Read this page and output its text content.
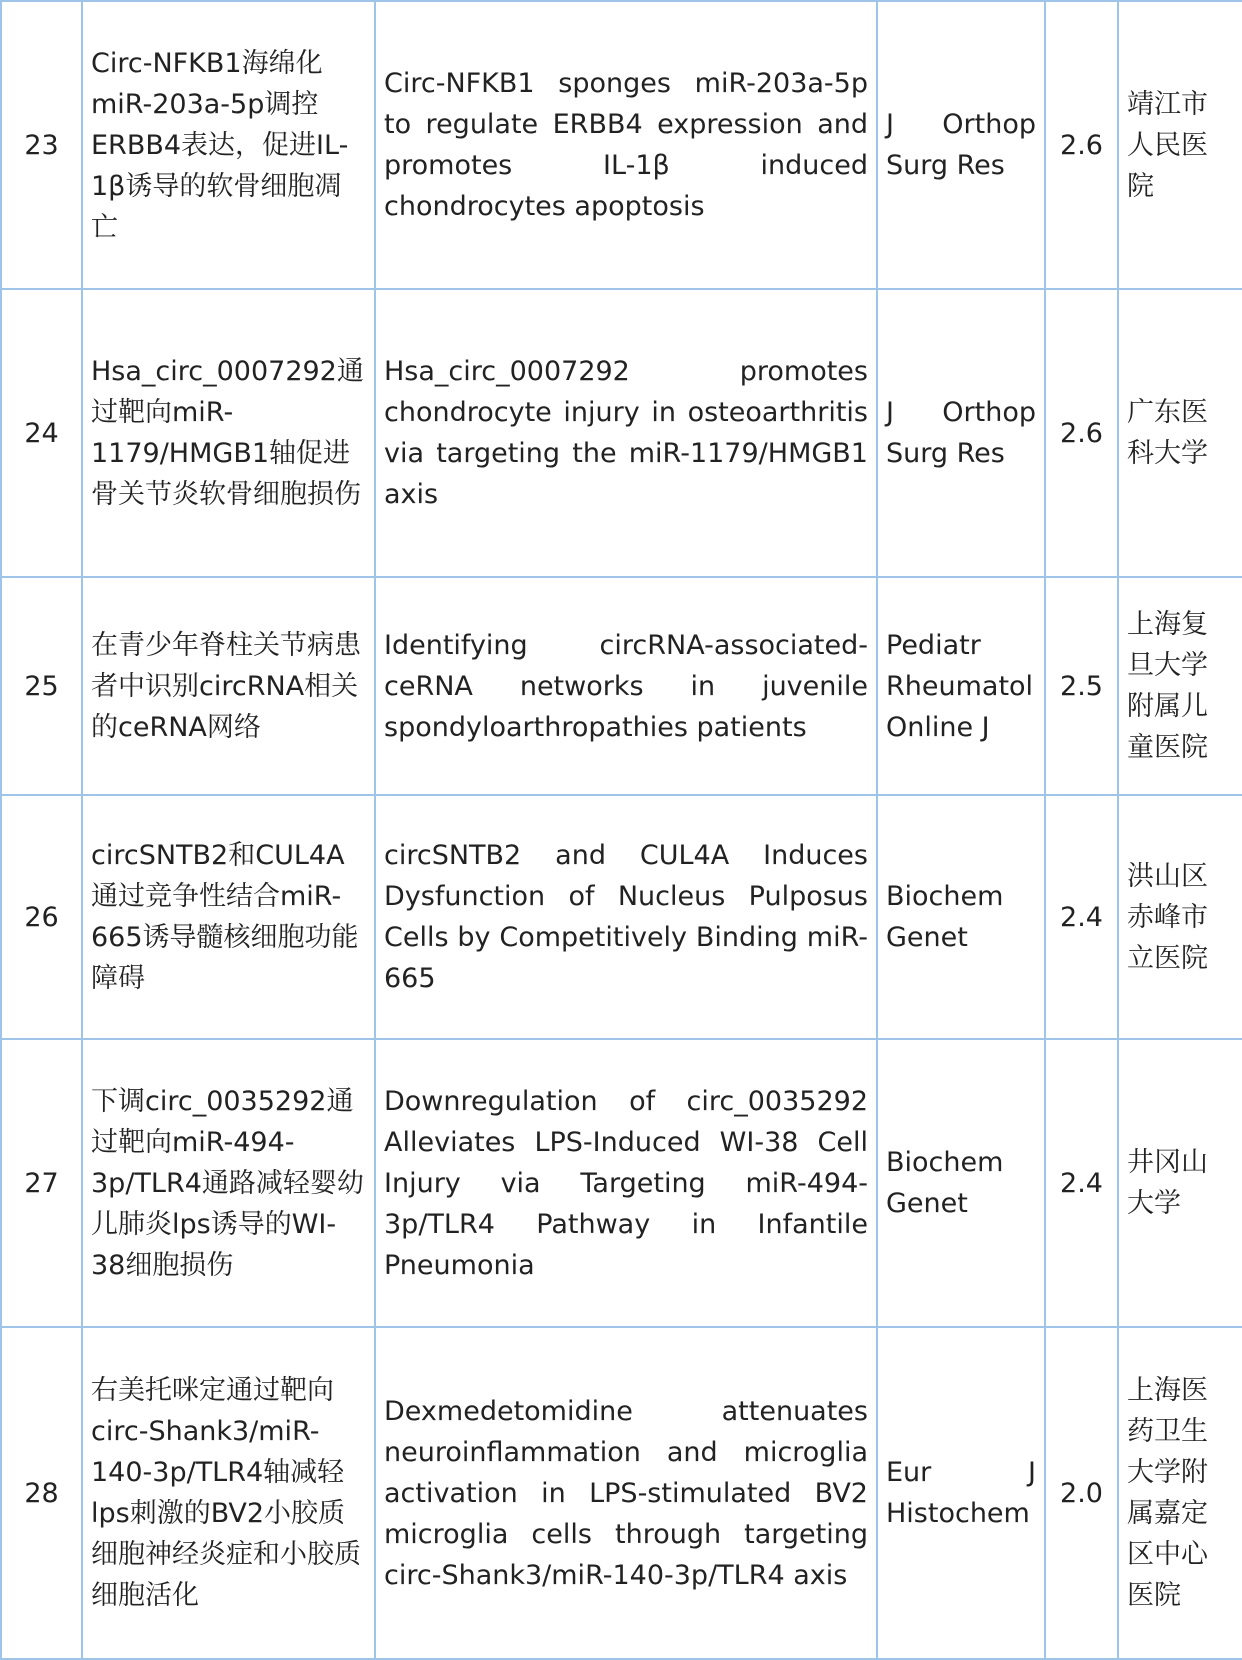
23	Circ-NFKB1海绵化miR-203a-5p调控ERBB4表达，促进IL-1β诱导的软骨细胞凋亡	Circ-NFKB1 sponges miR-203a-5p to regulate ERBB4 expression and promotes IL-1β induced chondrocytes apoptosis	J Orthop Surg Res	2.6	靖江市人民医院
24	Hsa_circ_0007292通过靶向miR-1179/HMGB1轴促进骨关节炎软骨细胞损伤	Hsa_circ_0007292 promotes chondrocyte injury in osteoarthritis via targeting the miR-1179/HMGB1 axis	J Orthop Surg Res	2.6	广东医科大学
25	在青少年脊柱关节病患者中识别circRNA相关的ceRNA网络	Identifying circRNA-associated-ceRNA networks in juvenile spondyloarthropathies patients	Pediatr Rheumatol Online J	2.5	上海复旦大学附属儿童医院
26	circSNTB2和CUL4A通过竞争性结合miR-665诱导髓核细胞功能障碍	circSNTB2 and CUL4A Induces Dysfunction of Nucleus Pulposus Cells by Competitively Binding miR-665	Biochem Genet	2.4	洪山区赤峰市立医院
27	下调circ_0035292通过靶向miR-494-3p/TLR4通路减轻婴幼儿肺炎lps诱导的WI-38细胞损伤	Downregulation of circ_0035292 Alleviates LPS-Induced WI-38 Cell Injury via Targeting miR-494-3p/TLR4 Pathway in Infantile Pneumonia	Biochem Genet	2.4	井冈山大学
28	右美托咪定通过靶向circ-Shank3/miR-140-3p/TLR4轴减轻lps刺激的BV2小胶质细胞神经炎症和小胶质细胞活化	Dexmedetomidine attenuates neuroinflammation and microglia activation in LPS-stimulated BV2 microglia cells through targeting circ-Shank3/miR-140-3p/TLR4 axis	Eur J Histochem	2.0	上海医药卫生大学附属嘉定区中心医院
